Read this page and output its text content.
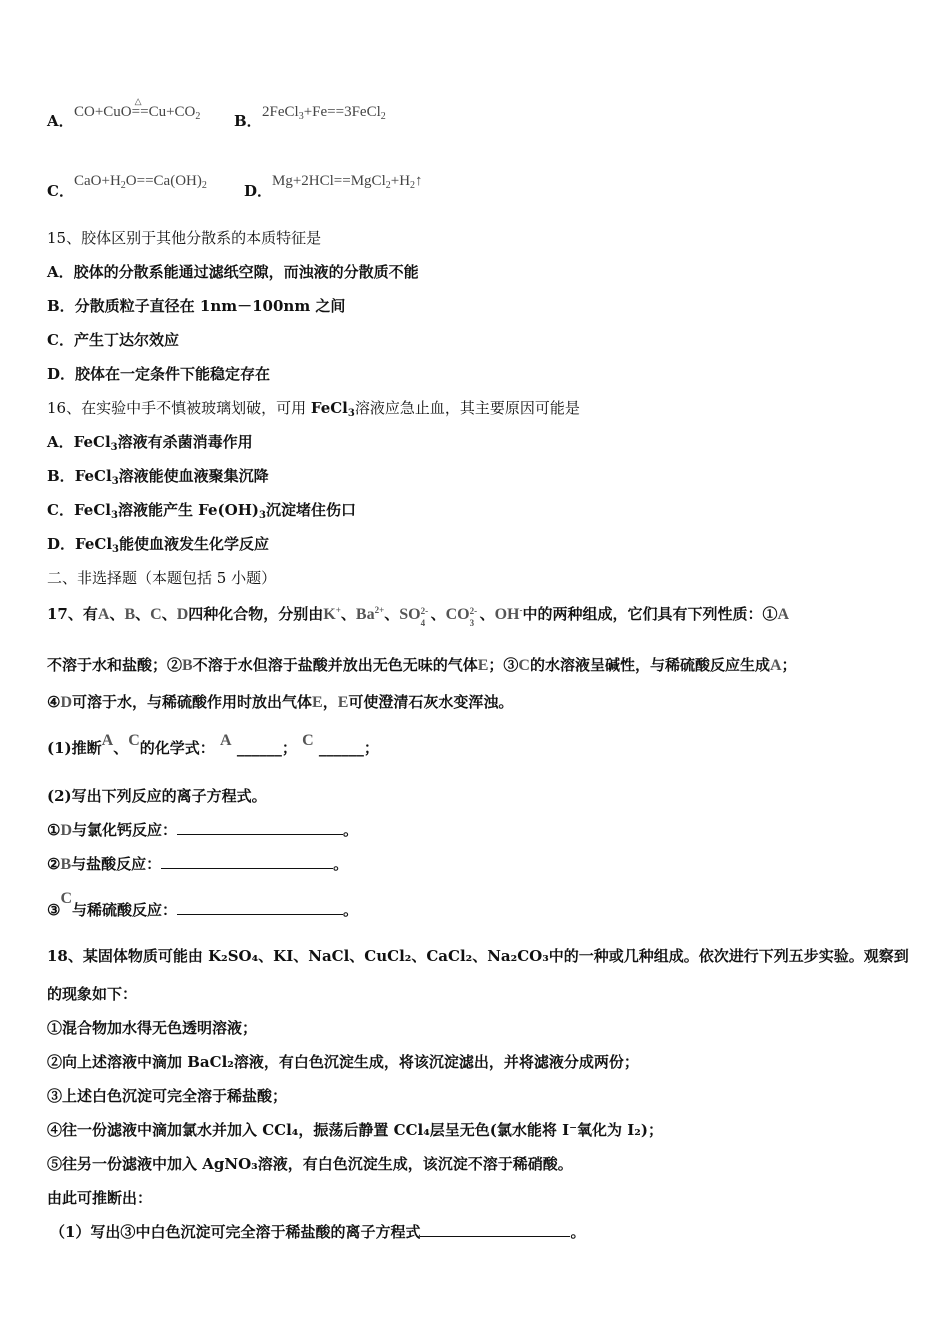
A． CO+CuO
△
$==Cu+CO_2$ B． 2FeCl$_3$+Fe==3FeCl$_2$
C．
$CaO+H_2O==Ca(OH)_2$ D．
$Mg+2HCl==MgCl_2+H_2↑$
15、胶体区别于其他分散系的本质特征是
A．胶体的分散系能通过滤纸空隙，而浊液的分散质不能
B．分散质粒子直径在 1nm－100nm 之间
C．产生丁达尔效应
D．胶体在一定条件下能稳定存在
16、在实验中手不慎被玻璃划破，可用 FeCl$_3$溶液应急止血，其主要原因可能是
A．FeCl$_3$溶液有杀菌消毒作用
B．FeCl$_3$溶液能使血液聚集沉降
C．FeCl$_3$溶液能产生 $Fe(OH)_3$沉淀堵住伤口
D．FeCl$_3$能使血液发生化学反应
二、非选择题（本题包括 5 小题）
17、有A、B、C、D四种化合物，分别由K+、$Ba^{2+}$、SO 2-
4 、CO 2-
3 、OH-中的两种组成，它们具有下列性质：①A
不溶于水和盐酸；②B不溶于水但溶于盐酸并放出无色无味的气体E；③C的水溶液呈碱性，与稀硫酸反应生成A；
④D可溶于水，与稀硫酸作用时放出气体E，E可使澄清石灰水变浑浊。
(1)推断A、C的化学式： A ______； C ______；
(2)写出下列反应的离子方程式。
①D与氯化钙反应：	。
②B与盐酸反应：	。
③C与稀硫酸反应：	。
18、某固体物质可能由 K₂SO₄、KI、NaCl、CuCl₂、CaCl₂、Na₂CO₃中的一种或几种组成。依次进行下列五步实验。观察到
的现象如下：
①混合物加水得无色透明溶液；
②向上述溶液中滴加 BaCl₂溶液，有白色沉淀生成，将该沉淀滤出，并将滤液分成两份；
③上述白色沉淀可完全溶于稀盐酸；
④往一份滤液中滴加氯水并加入 CCl₄，振荡后静置 CCl₄层呈无色(氯水能将 I⁻氧化为 I₂)；
⑤往另一份滤液中加入 AgNO₃溶液，有白色沉淀生成，该沉淀不溶于稀硝酸。
由此可推断出：
（1）写出③中白色沉淀可完全溶于稀盐酸的离子方程式	。
